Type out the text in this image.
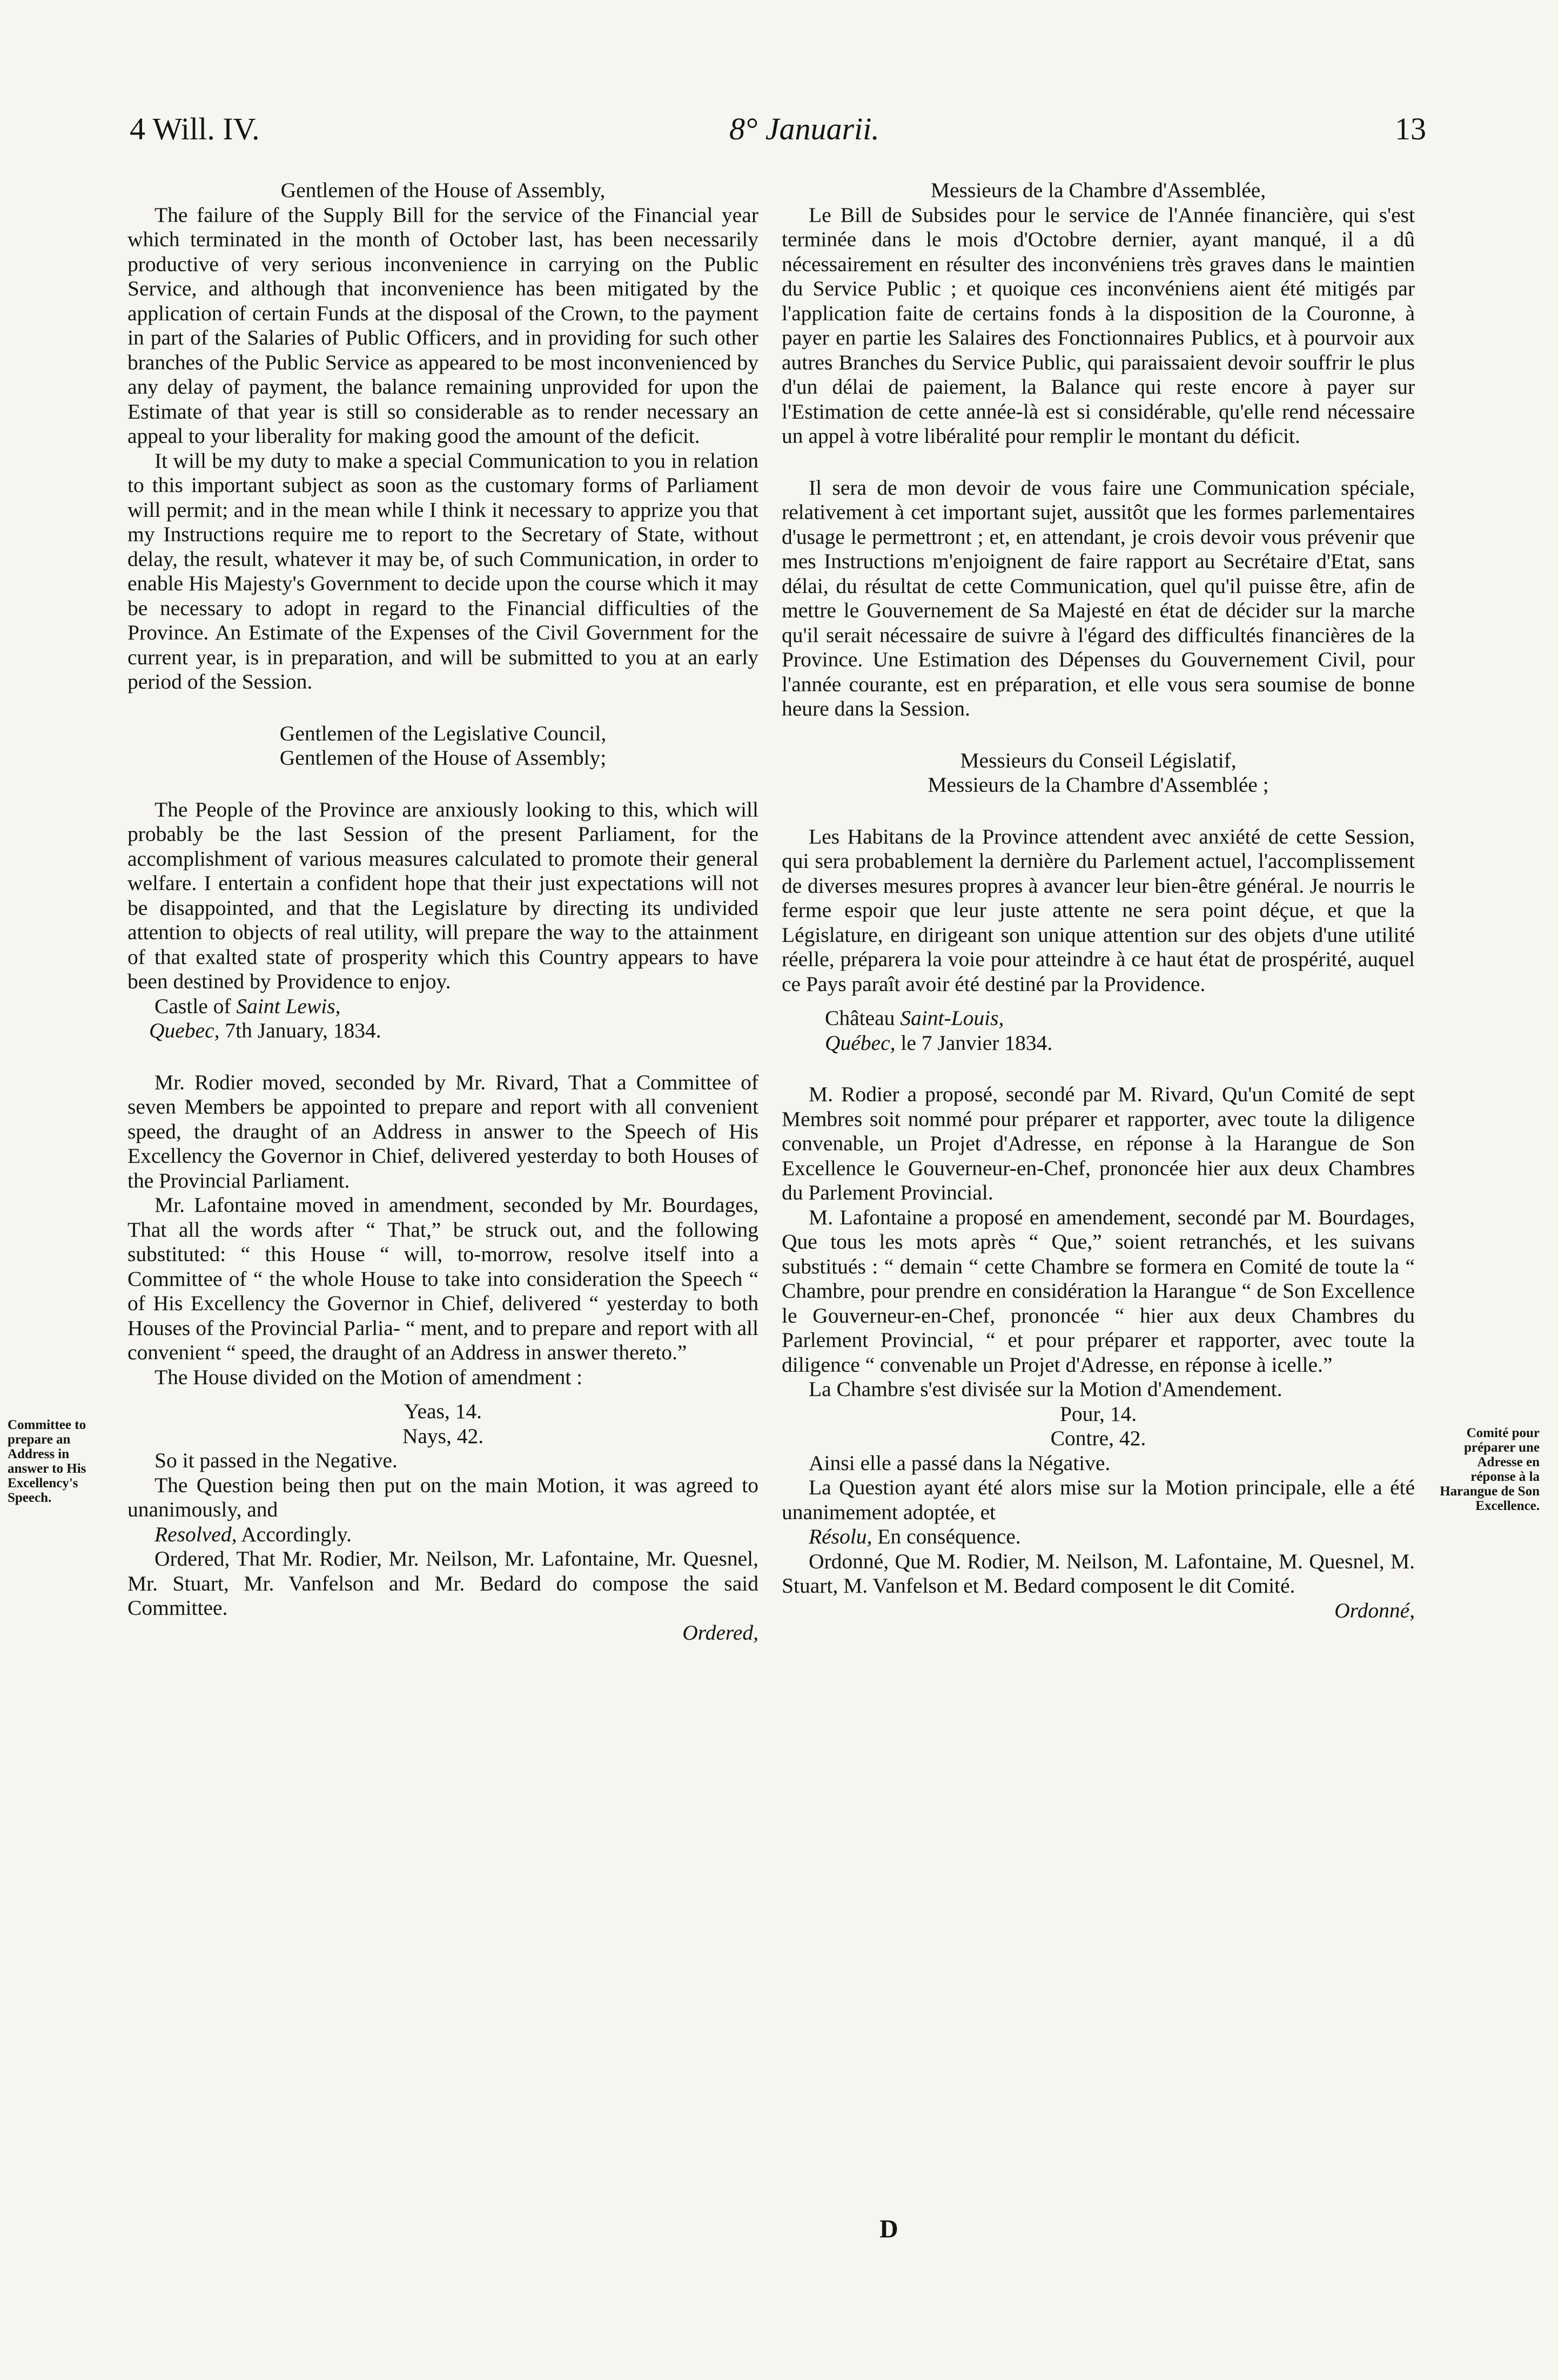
4 Will. IV.	8° Januarii.	13
Committee to prepare an Address in answer to His Excellency's Speech.
Comité pour préparer une Adresse en réponse à la Harangue de Son Excellence.

Gentlemen of the House of Assembly,

The failure of the Supply Bill for the service of the Financial year which terminated in the month of October last, has been necessarily productive of very serious inconvenience in carrying on the Public Service, and although that inconvenience has been mitigated by the application of certain Funds at the disposal of the Crown, to the payment in part of the Salaries of Public Officers, and in providing for such other branches of the Public Service as appeared to be most inconvenienced by any delay of payment, the balance remaining unprovided for upon the Estimate of that year is still so considerable as to render necessary an appeal to your liberality for making good the amount of the deficit.

It will be my duty to make a special Communication to you in relation to this important subject as soon as the customary forms of Parliament will permit; and in the mean while I think it necessary to apprize you that my Instructions require me to report to the Secretary of State, without delay, the result, whatever it may be, of such Communication, in order to enable His Majesty's Government to decide upon the course which it may be necessary to adopt in regard to the Financial difficulties of the Province. An Estimate of the Expenses of the Civil Government for the current year, is in preparation, and will be submitted to you at an early period of the Session.

Gentlemen of the Legislative Council,

Gentlemen of the House of Assembly;

The People of the Province are anxiously looking to this, which will probably be the last Session of the present Parliament, for the accomplishment of various measures calculated to promote their general welfare. I entertain a confident hope that their just expectations will not be disappointed, and that the Legislature by directing its undivided attention to objects of real utility, will prepare the way to the attainment of that exalted state of prosperity which this Country appears to have been destined by Providence to enjoy.

Castle of Saint Lewis,

Quebec, 7th January, 1834.

Mr. Rodier moved, seconded by Mr. Rivard, That a Committee of seven Members be appointed to prepare and report with all convenient speed, the draught of an Address in answer to the Speech of His Excellency the Governor in Chief, delivered yesterday to both Houses of the Provincial Parliament.

Mr. Lafontaine moved in amendment, seconded by Mr. Bourdages, That all the words after “ That,” be struck out, and the following substituted: “ this House “ will, to-morrow, resolve itself into a Committee of “ the whole House to take into consideration the Speech “ of His Excellency the Governor in Chief, delivered “ yesterday to both Houses of the Provincial Parlia- “ ment, and to prepare and report with all convenient “ speed, the draught of an Address in answer thereto.”

The House divided on the Motion of amendment :

Yeas, 14.

Nays, 42.

So it passed in the Negative.

The Question being then put on the main Motion, it was agreed to unanimously, and

Resolved, Accordingly.

Ordered, That Mr. Rodier, Mr. Neilson, Mr. Lafontaine, Mr. Quesnel, Mr. Stuart, Mr. Vanfelson and Mr. Bedard do compose the said Committee.

Ordered,

Messieurs de la Chambre d'Assemblée,

Le Bill de Subsides pour le service de l'Année financière, qui s'est terminée dans le mois d'Octobre dernier, ayant manqué, il a dû nécessairement en résulter des inconvéniens très graves dans le maintien du Service Public ; et quoique ces inconvéniens aient été mitigés par l'application faite de certains fonds à la disposition de la Couronne, à payer en partie les Salaires des Fonctionnaires Publics, et à pourvoir aux autres Branches du Service Public, qui paraissaient devoir souffrir le plus d'un délai de paiement, la Balance qui reste encore à payer sur l'Estimation de cette année-là est si considérable, qu'elle rend nécessaire un appel à votre libéralité pour remplir le montant du déficit.

Il sera de mon devoir de vous faire une Communication spéciale, relativement à cet important sujet, aussitôt que les formes parlementaires d'usage le permettront ; et, en attendant, je crois devoir vous prévenir que mes Instructions m'enjoignent de faire rapport au Secrétaire d'Etat, sans délai, du résultat de cette Communication, quel qu'il puisse être, afin de mettre le Gouvernement de Sa Majesté en état de décider sur la marche qu'il serait nécessaire de suivre à l'égard des difficultés financières de la Province. Une Estimation des Dépenses du Gouvernement Civil, pour l'année courante, est en préparation, et elle vous sera soumise de bonne heure dans la Session.

Messieurs du Conseil Législatif,

Messieurs de la Chambre d'Assemblée ;

Les Habitans de la Province attendent avec anxiété de cette Session, qui sera probablement la dernière du Parlement actuel, l'accomplissement de diverses mesures propres à avancer leur bien-être général. Je nourris le ferme espoir que leur juste attente ne sera point déçue, et que la Législature, en dirigeant son unique attention sur des objets d'une utilité réelle, préparera la voie pour atteindre à ce haut état de prospérité, auquel ce Pays paraît avoir été destiné par la Providence.

Château Saint-Louis,

Québec, le 7 Janvier 1834.

M. Rodier a proposé, secondé par M. Rivard, Qu'un Comité de sept Membres soit nommé pour préparer et rapporter, avec toute la diligence convenable, un Projet d'Adresse, en réponse à la Harangue de Son Excellence le Gouverneur-en-Chef, prononcée hier aux deux Chambres du Parlement Provincial.

M. Lafontaine a proposé en amendement, secondé par M. Bourdages, Que tous les mots après “ Que,” soient retranchés, et les suivans substitués : “ demain “ cette Chambre se formera en Comité de toute la “ Chambre, pour prendre en considération la Harangue “ de Son Excellence le Gouverneur-en-Chef, prononcée “ hier aux deux Chambres du Parlement Provincial, “ et pour préparer et rapporter, avec toute la diligence “ convenable un Projet d'Adresse, en réponse à icelle.”

La Chambre s'est divisée sur la Motion d'Amendement.

Pour, 14.

Contre, 42.

Ainsi elle a passé dans la Négative.

La Question ayant été alors mise sur la Motion principale, elle a été unanimement adoptée, et

Résolu, En conséquence.

Ordonné, Que M. Rodier, M. Neilson, M. Lafontaine, M. Quesnel, M. Stuart, M. Vanfelson et M. Bedard composent le dit Comité.

Ordonné,

D
